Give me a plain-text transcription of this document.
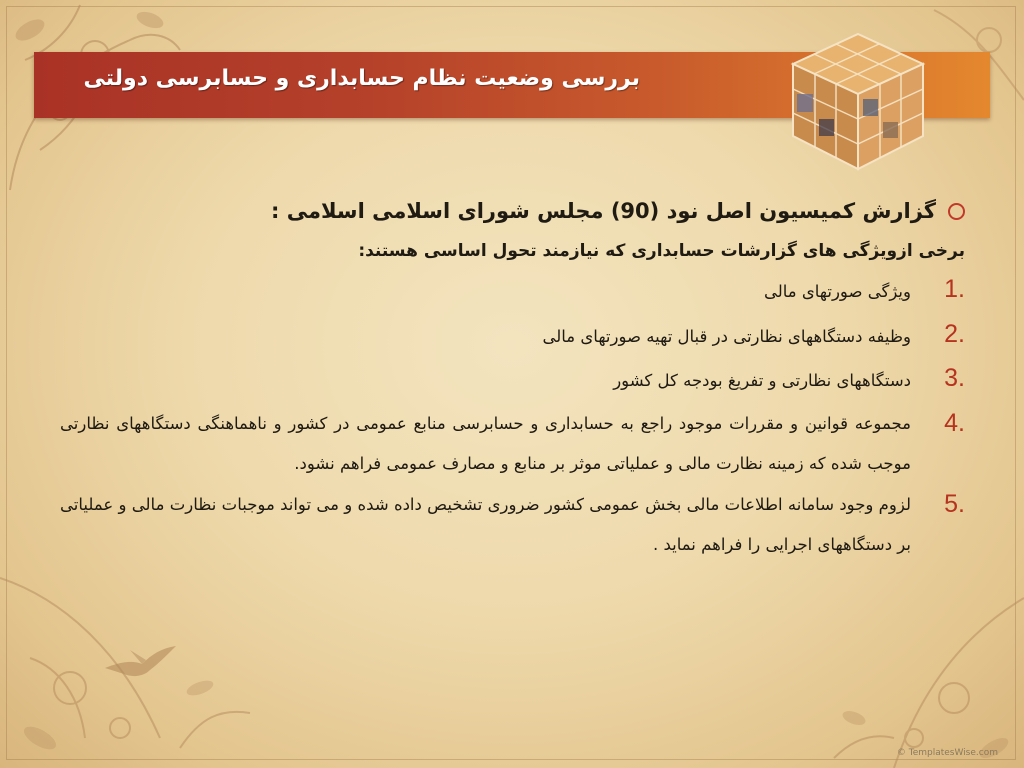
بررسی وضعیت نظام حسابداری و حسابرسی دولتی
گزارش کمیسیون اصل نود (90) مجلس شورای اسلامی اسلامی :
برخی ازویژگی های گزارشات حسابداری که نیازمند تحول اساسی هستند:
1.
ویژگی صورتهای مالی
2.
وظیفه دستگاههای نظارتی در قبال تهیه صورتهای مالی
3.
دستگاههای نظارتی و تفریغ بودجه کل کشور
4.
مجموعه قوانین و مقررات موجود راجع به حسابداری و حسابرسی منابع عمومی در کشور و ناهماهنگی دستگاههای نظارتی موجب شده که زمینه نظارت مالی و عملیاتی موثر بر منابع و مصارف عمومی فراهم نشود.
5.
لزوم وجود سامانه اطلاعات مالی بخش عمومی کشور ضروری تشخیص داده شده و می تواند موجبات نظارت مالی و عملیاتی بر دستگاههای اجرایی را فراهم نماید .
© TemplatesWise.com
